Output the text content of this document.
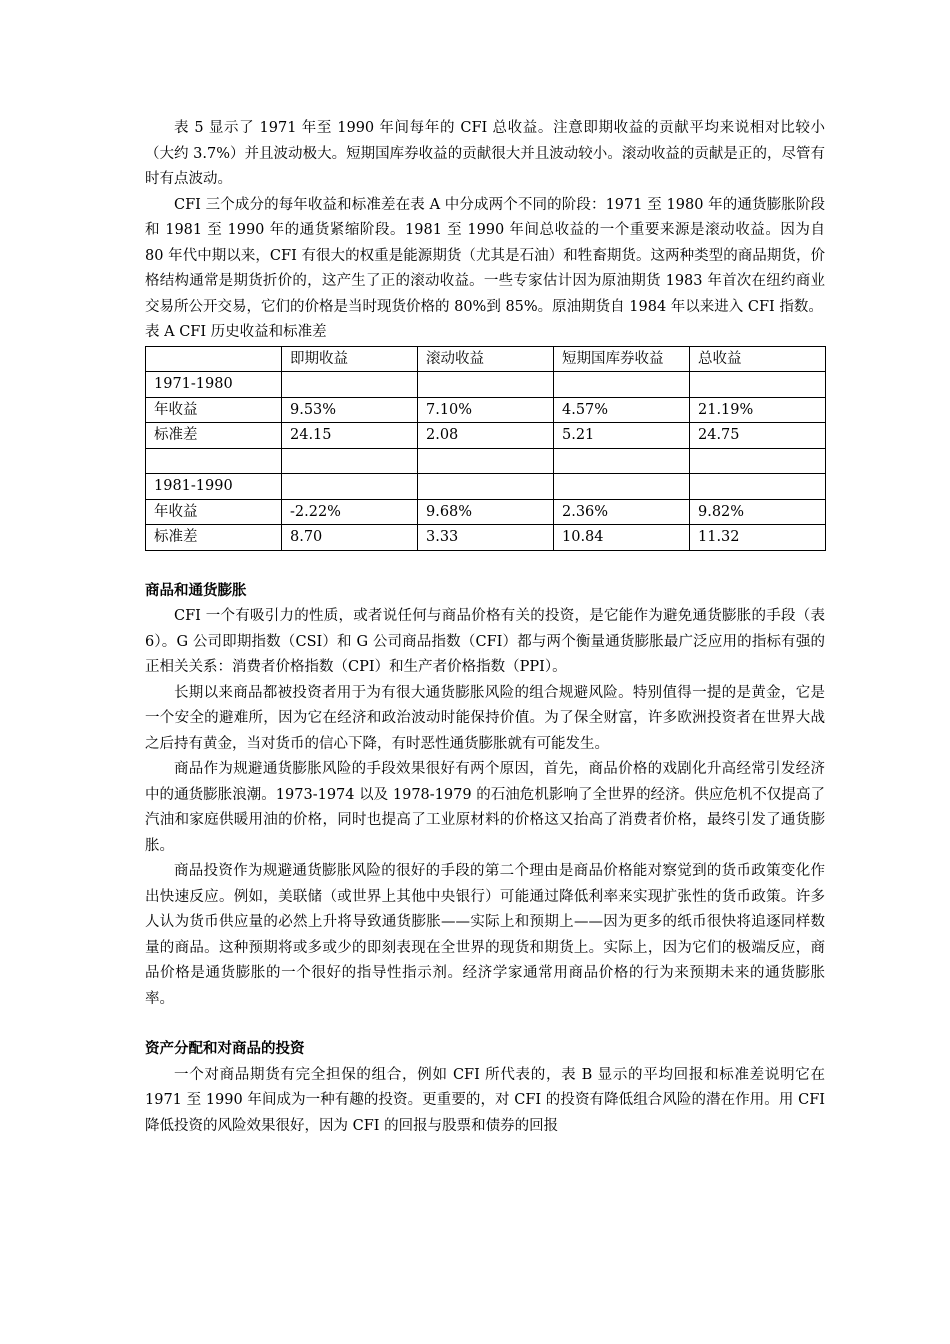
表 5 显示了 1971 年至 1990 年间每年的 CFI 总收益。注意即期收益的贡献平均来说相对比较小（大约 3.7%）并且波动极大。短期国库券收益的贡献很大并且波动较小。滚动收益的贡献是正的，尽管有时有点波动。

CFI 三个成分的每年收益和标准差在表 A 中分成两个不同的阶段：1971 至 1980 年的通货膨胀阶段和 1981 至 1990 年的通货紧缩阶段。1981 至 1990 年间总收益的一个重要来源是滚动收益。因为自 80 年代中期以来，CFI 有很大的权重是能源期货（尤其是石油）和牲畜期货。这两种类型的商品期货，价格结构通常是期货折价的，这产生了正的滚动收益。一些专家估计因为原油期货 1983 年首次在纽约商业交易所公开交易，它们的价格是当时现货价格的 80%到 85%。原油期货自 1984 年以来进入 CFI 指数。

表 A CFI 历史收益和标准差
	即期收益	滚动收益	短期国库券收益	总收益
1971-1980				
年收益	9.53%	7.10%	4.57%	21.19%
标准差	24.15	2.08	5.21	24.75

1981-1990				
年收益	-2.22%	9.68%	2.36%	9.82%
标准差	8.70	3.33	10.84	11.32
商品和通货膨胀

CFI 一个有吸引力的性质，或者说任何与商品价格有关的投资，是它能作为避免通货膨胀的手段（表 6）。G 公司即期指数（CSI）和 G 公司商品指数（CFI）都与两个衡量通货膨胀最广泛应用的指标有强的正相关关系：消费者价格指数（CPI）和生产者价格指数（PPI）。

长期以来商品都被投资者用于为有很大通货膨胀风险的组合规避风险。特别值得一提的是黄金，它是一个安全的避难所，因为它在经济和政治波动时能保持价值。为了保全财富，许多欧洲投资者在世界大战之后持有黄金，当对货币的信心下降，有时恶性通货膨胀就有可能发生。

商品作为规避通货膨胀风险的手段效果很好有两个原因，首先，商品价格的戏剧化升高经常引发经济中的通货膨胀浪潮。1973-1974 以及 1978-1979 的石油危机影响了全世界的经济。供应危机不仅提高了汽油和家庭供暖用油的价格，同时也提高了工业原材料的价格这又抬高了消费者价格，最终引发了通货膨胀。

商品投资作为规避通货膨胀风险的很好的手段的第二个理由是商品价格能对察觉到的货币政策变化作出快速反应。例如，美联储（或世界上其他中央银行）可能通过降低利率来实现扩张性的货币政策。许多人认为货币供应量的必然上升将导致通货膨胀——实际上和预期上——因为更多的纸币很快将追逐同样数量的商品。这种预期将或多或少的即刻表现在全世界的现货和期货上。实际上，因为它们的极端反应，商品价格是通货膨胀的一个很好的指导性指示剂。经济学家通常用商品价格的行为来预期未来的通货膨胀率。

资产分配和对商品的投资

一个对商品期货有完全担保的组合，例如 CFI 所代表的，表 B 显示的平均回报和标准差说明它在 1971 至 1990 年间成为一种有趣的投资。更重要的，对 CFI 的投资有降低组合风险的潜在作用。用 CFI 降低投资的风险效果很好，因为 CFI 的回报与股票和债券的回报
